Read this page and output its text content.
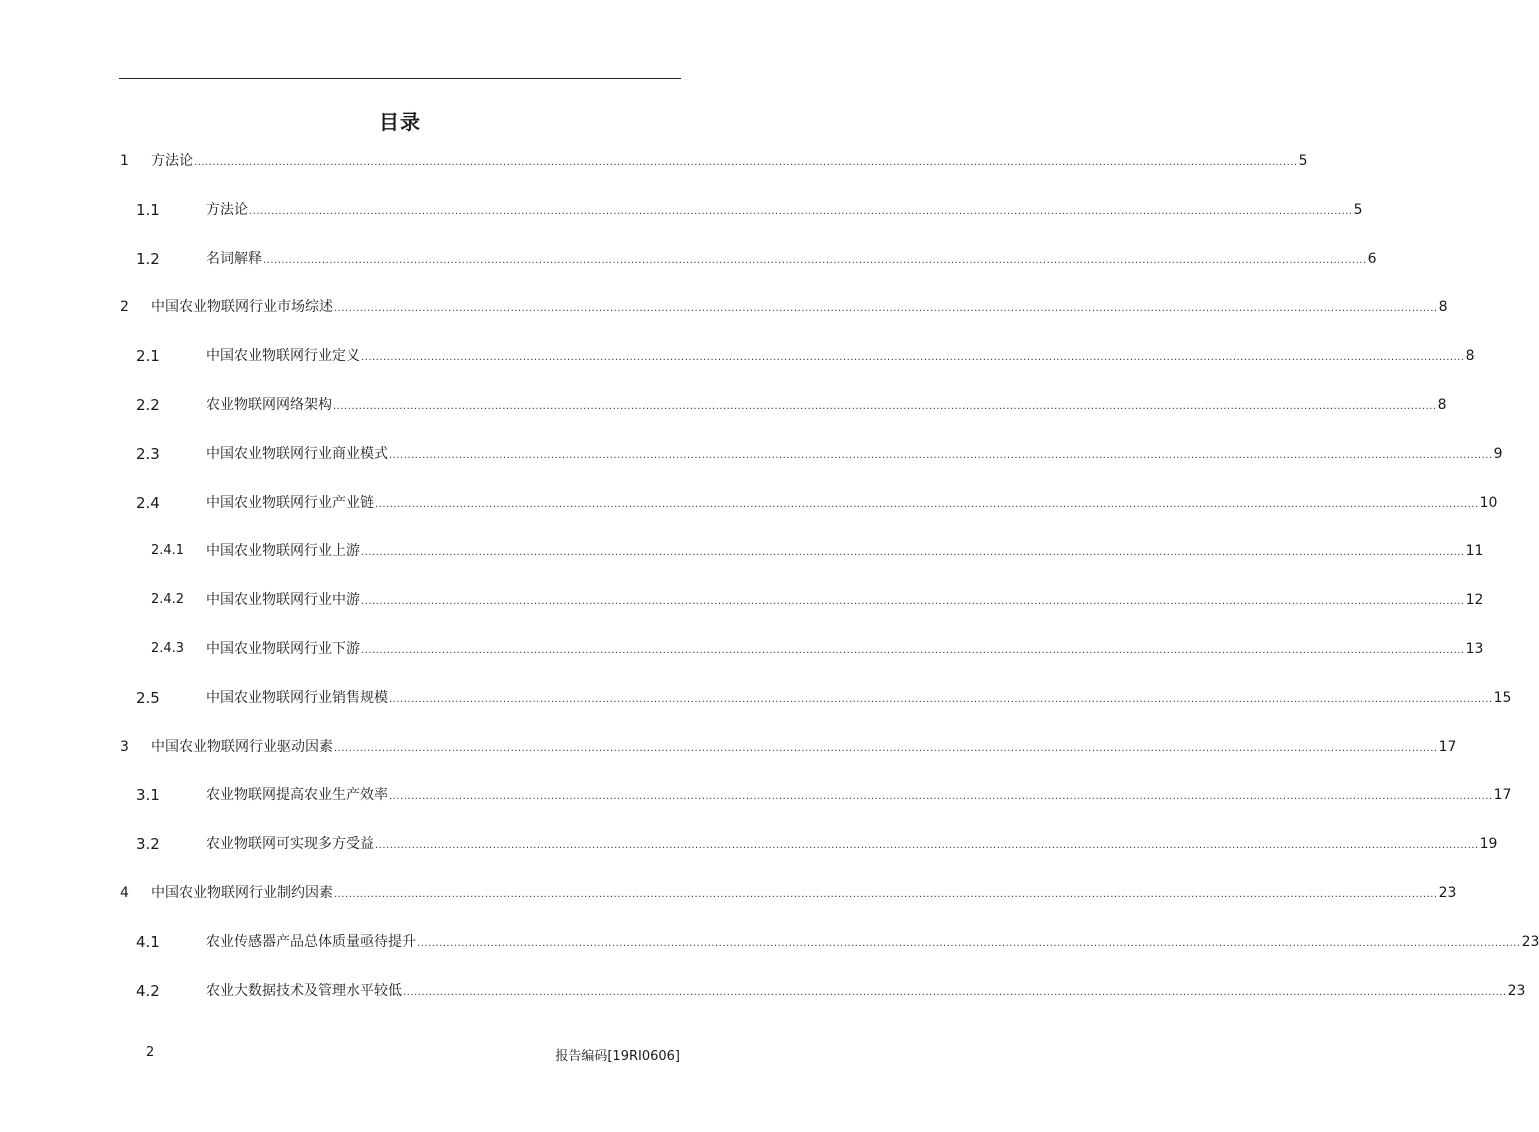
目录
1 方法论 ............................................................................................................................................................................................................................................................................................................ 5
1.1	方法论 ............................................................................................................................................................................................................................................................................................................ 5
1.2	名词解释 ............................................................................................................................................................................................................................................................................................................ 6
2 中国农业物联网行业市场综述 ............................................................................................................................................................................................................................................................................................................ 8
2.1	中国农业物联网行业定义 ............................................................................................................................................................................................................................................................................................................ 8
2.2	农业物联网网络架构 ............................................................................................................................................................................................................................................................................................................ 8
2.3	中国农业物联网行业商业模式 ............................................................................................................................................................................................................................................................................................................ 9
2.4	中国农业物联网行业产业链 ............................................................................................................................................................................................................................................................................................................ 10
2.4.1 中国农业物联网行业上游 ............................................................................................................................................................................................................................................................................................................ 11
2.4.2 中国农业物联网行业中游 ............................................................................................................................................................................................................................................................................................................ 12
2.4.3 中国农业物联网行业下游 ............................................................................................................................................................................................................................................................................................................ 13
2.5	中国农业物联网行业销售规模 ............................................................................................................................................................................................................................................................................................................ 15
3 中国农业物联网行业驱动因素 ............................................................................................................................................................................................................................................................................................................ 17
3.1	农业物联网提高农业生产效率 ............................................................................................................................................................................................................................................................................................................ 17
3.2	农业物联网可实现多方受益 ............................................................................................................................................................................................................................................................................................................ 19
4 中国农业物联网行业制约因素 ............................................................................................................................................................................................................................................................................................................ 23
4.1	农业传感器产品总体质量亟待提升 ............................................................................................................................................................................................................................................................................................................ 23
4.2	农业大数据技术及管理水平较低 ............................................................................................................................................................................................................................................................................................................ 23
2	报告编码[19RI0606]
